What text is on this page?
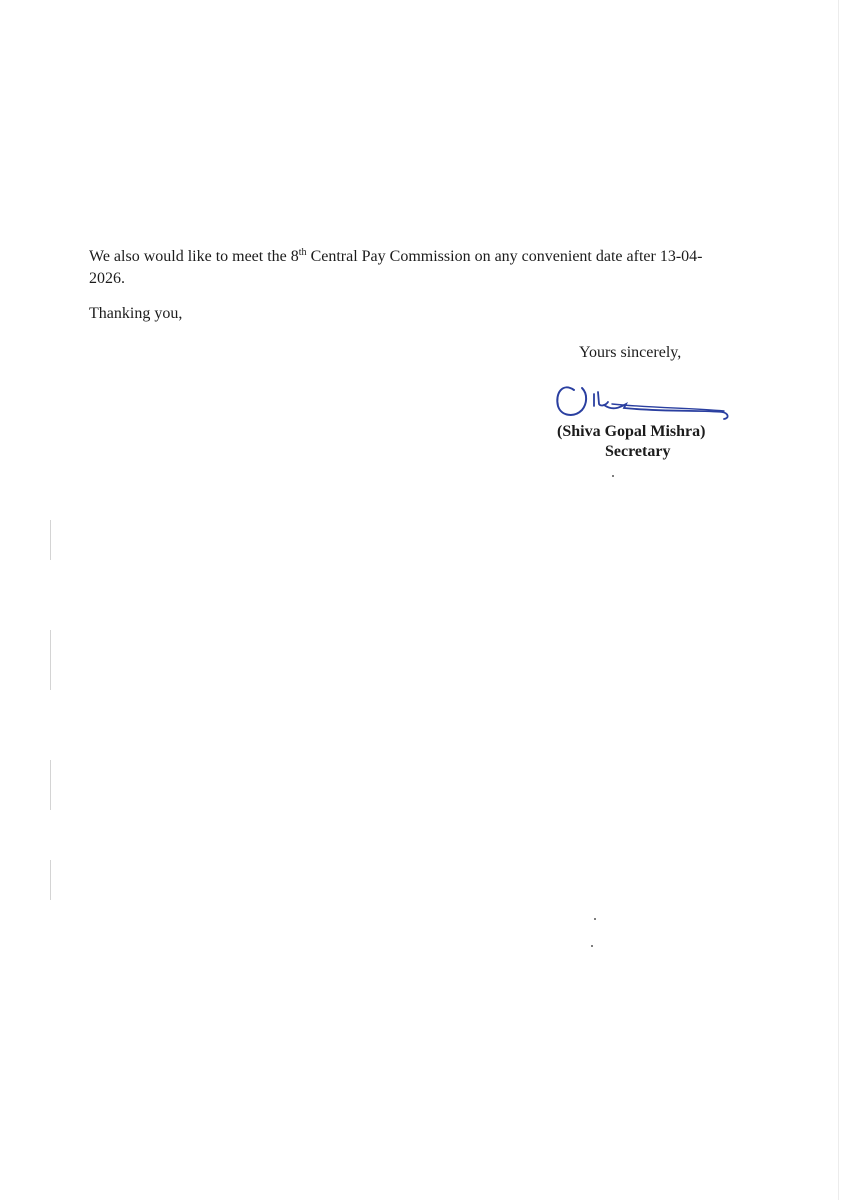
We also would like to meet the 8th Central Pay Commission on any convenient date after 13-04-2026.

Thanking you,

Yours sincerely,

(Shiva Gopal Mishra)

Secretary
